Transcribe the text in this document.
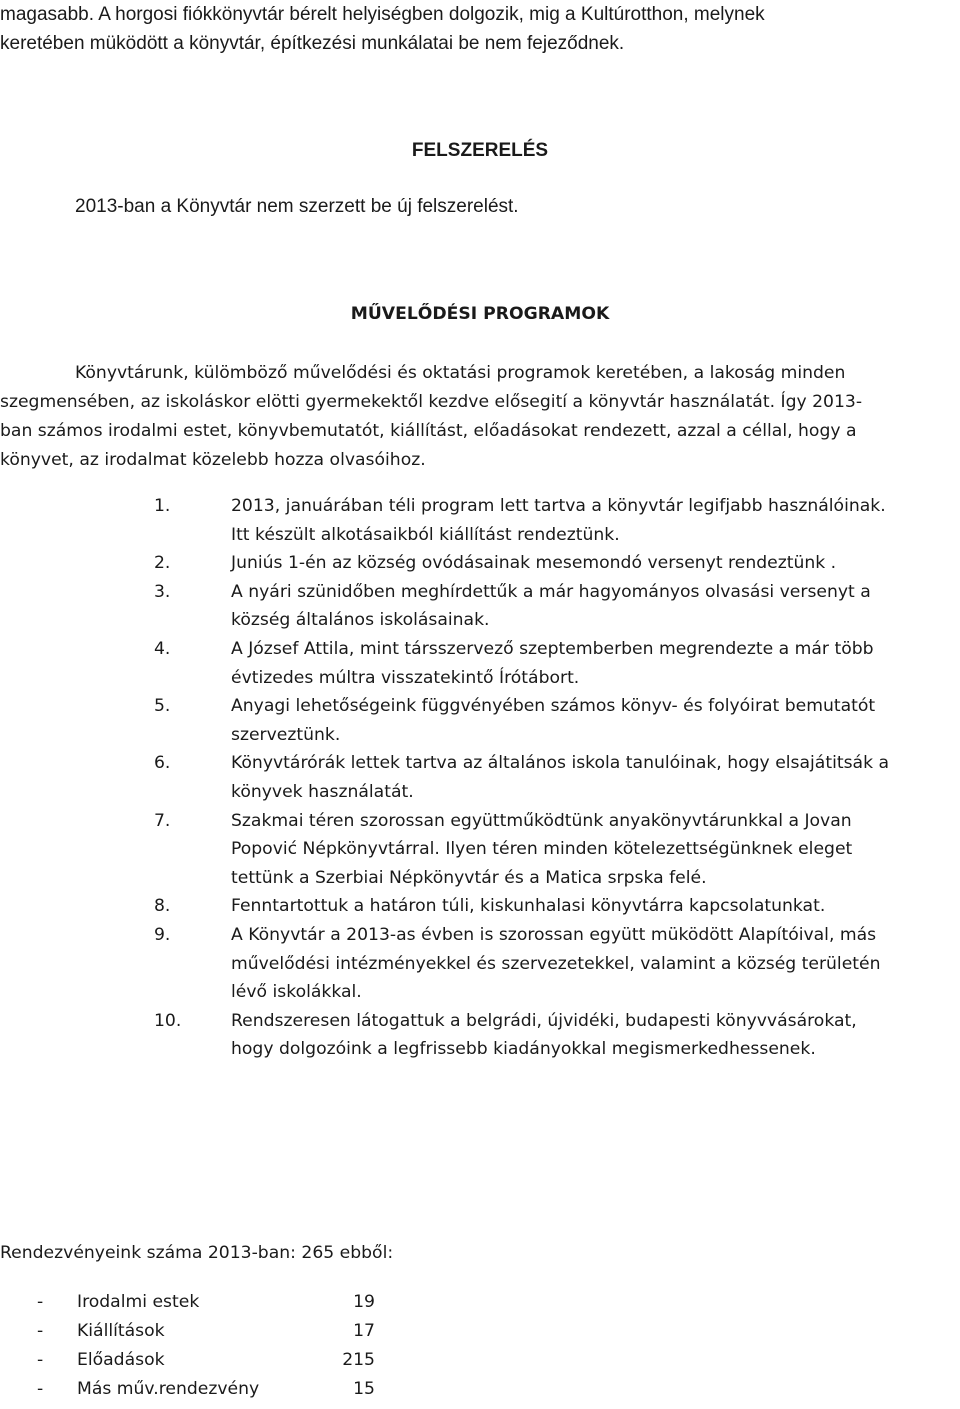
magasabb. A horgosi fiókkönyvtár bérelt helyiségben dolgozik, mig a Kultúrotthon, melynek
keretében müködött a könyvtár, építkezési munkálatai be nem fejeződnek.
FELSZERELÉS
2013-ban a Könyvtár nem szerzett be új felszerelést.
MŰVELŐDÉSI PROGRAMOK
Könyvtárunk, külömböző művelődési és oktatási programok keretében, a lakoság minden
szegmensében, az iskoláskor elötti gyermekektől kezdve elősegití a könyvtár használatát. Így 2013-
ban számos irodalmi estet, könyvbemutatót, kiállítást, előadásokat rendezett, azzal a céllal, hogy a
könyvet, az irodalmat közelebb hozza olvasóihoz.
1.	2013, januárában téli program lett tartva a könyvtár legifjabb használóinak.
Itt készült alkotásaikból kiállítást rendeztünk.
2.	Juniús 1-én az község ovódásainak mesemondó versenyt rendeztünk .
3.	A nyári szünidőben meghírdettűk a már hagyományos olvasási versenyt a
község általános iskolásainak.
4.	A József Attila, mint társszervező szeptemberben megrendezte a már több
évtizedes múltra visszatekintő Írótábort.
5.	Anyagi lehetőségeink függvényében számos könyv- és folyóirat bemutatót
szerveztünk.
6.	Könyvtárórák lettek tartva az általános iskola tanulóinak, hogy elsajátitsák a
könyvek használatát.
7.	Szakmai téren szorossan együttműködtünk anyakönyvtárunkkal a Jovan
Popović Népkönyvtárral. Ilyen téren minden kötelezettségünknek eleget
tettünk a Szerbiai Népkönyvtár és a Matica srpska felé.
8.	Fenntartottuk a határon túli, kiskunhalasi könyvtárra kapcsolatunkat.
9.	A Könyvtár a 2013-as évben is szorossan együtt müködött Alapítóival, más
művelődési intézményekkel és szervezetekkel, valamint a község területén
lévő iskolákkal.
10.	Rendszeresen látogattuk a belgrádi, újvidéki, budapesti könyvvásárokat,
hogy dolgozóink a legfrissebb kiadányokkal megismerkedhessenek.
Rendezvényeink száma 2013-ban: 265 ebből:
- Irodalmi estek	19
- Kiállítások	17
- Előadások	215
- Más műv.rendezvény	15
